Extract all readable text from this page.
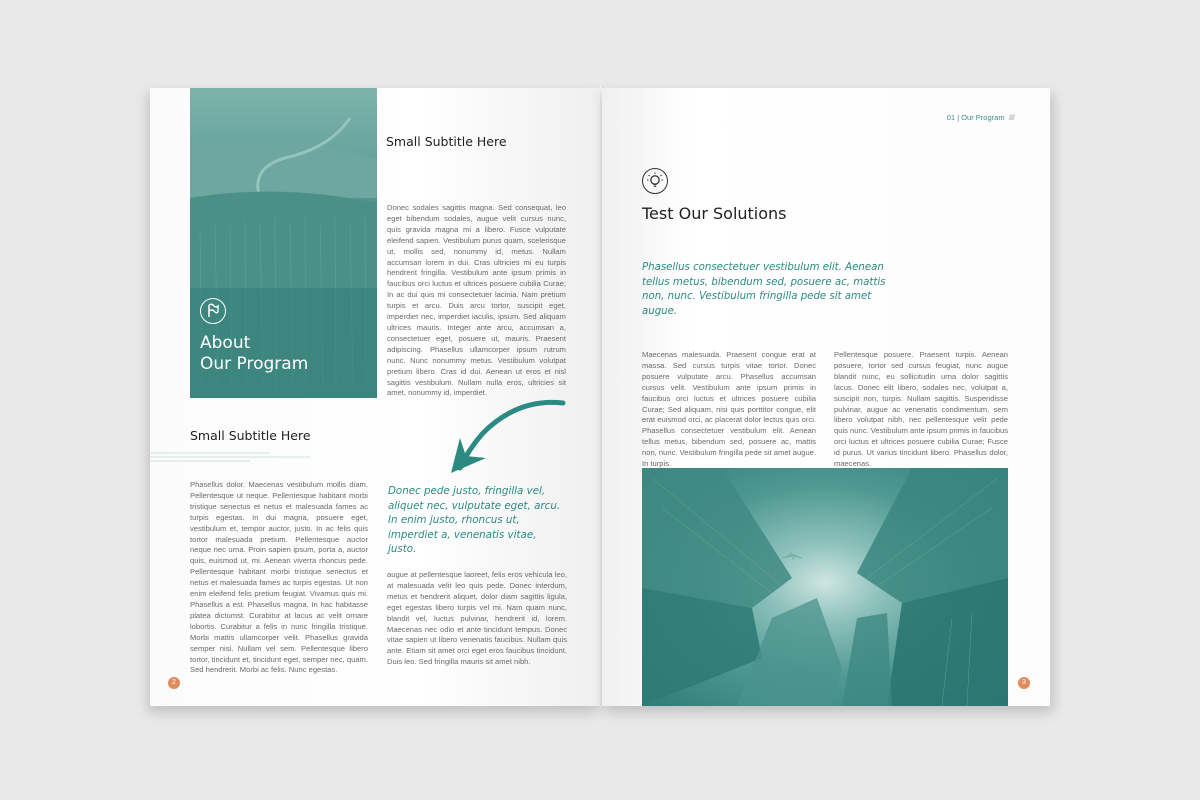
About
Our Program
Small Subtitle Here

Donec sodales sagittis magna. Sed consequat, leo eget bibendum sodales, augue velit cursus nunc, quis gravida magna mi a libero. Fusce vulputate eleifend sapien. Vestibulum purus quam, scelerisque ut, mollis sed, nonummy id, metus. Nullam accumsan lorem in dui. Cras ultricies mi eu turpis hendrerit fringilla. Vestibulum ante ipsum primis in faucibus orci luctus et ultrices posuere cubilia Curae; In ac dui quis mi consectetuer lacinia. Nam pretium turpis et arcu. Duis arcu tortor, suscipit eget, imperdiet nec, imperdiet iaculis, ipsum. Sed aliquam ultrices mauris. Integer ante arcu, accumsan a, consectetuer eget, posuere ut, mauris. Praesent adipiscing. Phasellus ullamcorper ipsum rutrum nunc. Nunc nonummy metus. Vestibulum volutpat pretium libero. Cras id dui. Aenean ut eros et nisl sagittis vestibulum. Nullam nulla eros, ultricies sit amet, nonummy id, imperdiet.

Small Subtitle Here

Phasellus dolor. Maecenas vestibulum mollis diam. Pellentesque ut neque. Pellentesque habitant morbi tristique senectus et netus et malesuada fames ac turpis egestas. In dui magna, posuere eget, vestibulum et, tempor auctor, justo. In ac felis quis tortor malesuada pretium. Pellentesque auctor neque nec urna. Proin sapien ipsum, porta a, auctor quis, euismod ut, mi. Aenean viverra rhoncus pede. Pellentesque habitant morbi tristique senectus et netus et malesuada fames ac turpis egestas. Ut non enim eleifend felis pretium feugiat. Vivamus quis mi. Phasellus a est. Phasellus magna. In hac habitasse platea dictumst. Curabitur at lacus ac velit ornare lobortis. Curabitur a felis in nunc fringilla tristique. Morbi mattis ullamcorper velit. Phasellus gravida semper nisi. Nullam vel sem. Pellentesque libero tortor, tincidunt et, tincidunt eget, semper nec, quam. Sed hendrerit. Morbi ac felis. Nunc egestas.

Donec pede justo, fringilla vel, aliquet nec, vulputate eget, arcu. In enim justo, rhoncus ut, imperdiet a, venenatis vitae, justo.

augue at pellentesque laoreet, felis eros vehicula leo, at malesuada velit leo quis pede. Donec interdum, metus et hendrerit aliquet, dolor diam sagittis ligula, eget egestas libero turpis vel mi. Nam quam nunc, blandit vel, luctus pulvinar, hendrerit id, lorem. Maecenas nec odio et ante tincidunt tempus. Donec vitae sapien ut libero venenatis faucibus. Nullam quis ante. Etiam sit amet orci eget eros faucibus tincidunt. Duis leo. Sed fringilla mauris sit amet nibh.

2
01 | Our Program /////
Test Our Solutions

Phasellus consectetuer vestibulum elit. Aenean tellus metus, bibendum sed, posuere ac, mattis non, nunc. Vestibulum fringilla pede sit amet augue.

Maecenas malesuada. Praesent congue erat at massa. Sed cursus turpis vitae tortor. Donec posuere vulputate arcu. Phasellus accumsan cursus velit. Vestibulum ante ipsum primis in faucibus orci luctus et ultrices posuere cubilia Curae; Sed aliquam, nisi quis porttitor congue, elit erat euismod orci, ac placerat dolor lectus quis orci. Phasellus consectetuer vestibulum elit. Aenean tellus metus, bibendum sed, posuere ac, mattis non, nunc. Vestibulum fringilla pede sit amet augue. In turpis.

Pellentesque posuere. Praesent turpis. Aenean posuere, tortor sed cursus feugiat, nunc augue blandit nunc, eu sollicitudin urna dolor sagittis lacus. Donec elit libero, sodales nec, volutpat a, suscipit non, turpis. Nullam sagittis. Suspendisse pulvinar, augue ac venenatis condimentum, sem libero volutpat nibh, nec pellentesque velit pede quis nunc. Vestibulum ante ipsum primis in faucibus orci luctus et ultrices posuere cubilia Curae; Fusce id purus. Ut varius tincidunt libero. Phasellus dolor, maecenas.

3
